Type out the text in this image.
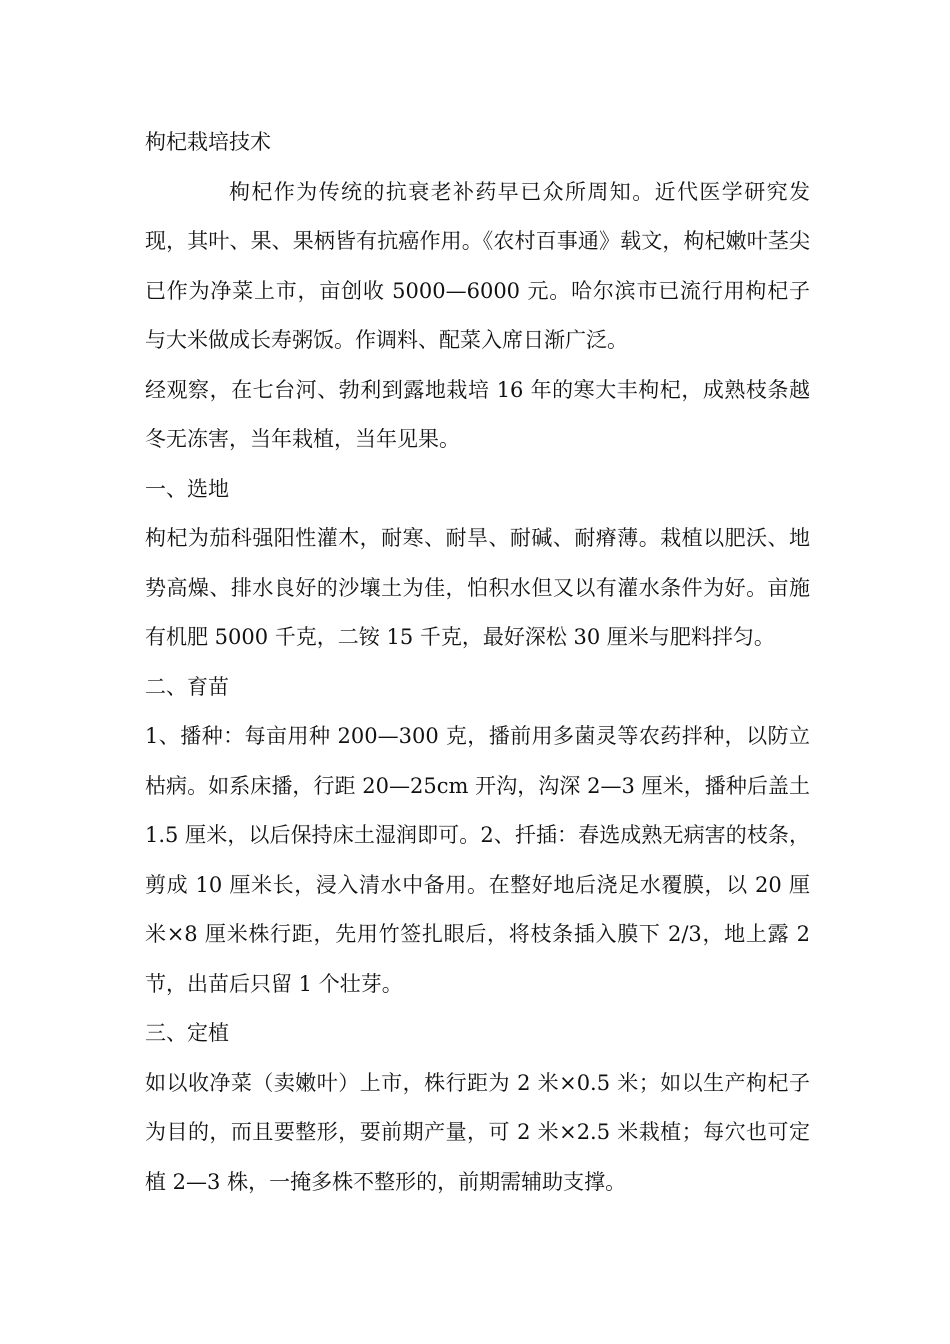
枸杞栽培技术

枸杞作为传统的抗衰老补药早已众所周知。近代医学研究发现，其叶、果、果柄皆有抗癌作用。《农村百事通》载文，枸杞嫩叶茎尖已作为净菜上市，亩创收 5000—6000 元。哈尔滨市已流行用枸杞子与大米做成长寿粥饭。作调料、配菜入席日渐广泛。

经观察，在七台河、勃利到露地栽培 16 年的寒大丰枸杞，成熟枝条越冬无冻害，当年栽植，当年见果。

一、选地

枸杞为茄科强阳性灌木，耐寒、耐旱、耐碱、耐瘠薄。栽植以肥沃、地势高燥、排水良好的沙壤土为佳，怕积水但又以有灌水条件为好。亩施有机肥 5000 千克，二铵 15 千克，最好深松 30 厘米与肥料拌匀。

二、育苗

1、播种：每亩用种 200—300 克，播前用多菌灵等农药拌种，以防立枯病。如系床播，行距 20—25cm 开沟，沟深 2—3 厘米，播种后盖土 1.5 厘米，以后保持床土湿润即可。2、扦插：春选成熟无病害的枝条，剪成 10 厘米长，浸入清水中备用。在整好地后浇足水覆膜，以 20 厘米×8 厘米株行距，先用竹签扎眼后，将枝条插入膜下 2/3，地上露 2 节，出苗后只留 1 个壮芽。

三、定植

如以收净菜（卖嫩叶）上市，株行距为 2 米×0.5 米；如以生产枸杞子为目的，而且要整形，要前期产量，可 2 米×2.5 米栽植；每穴也可定植 2—3 株，一掩多株不整形的，前期需辅助支撑。
